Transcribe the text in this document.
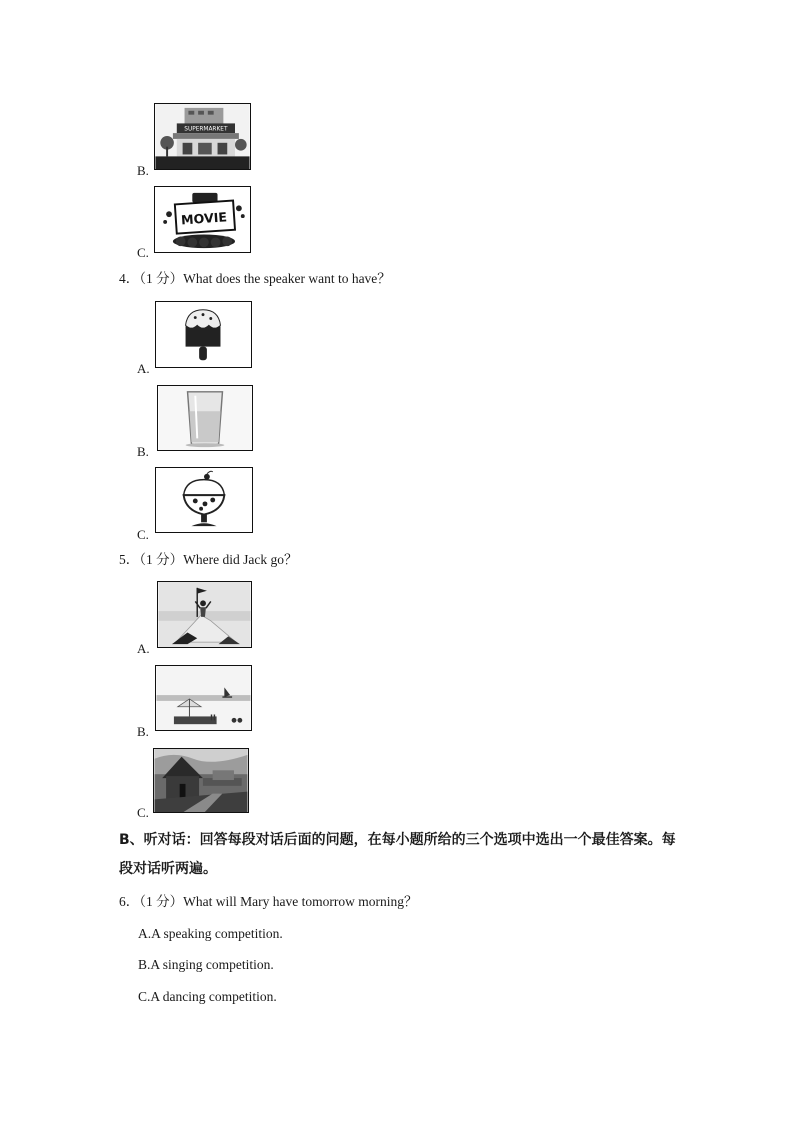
SUPERMARKET
B.
MOVIE
C.
4．（1 分）What does the speaker want to have？
A.
B.
C.
5．（1 分）Where did Jack go？
A.
B.
C.
B、听对话：回答每段对话后面的问题，在每小题所给的三个选项中选出一个最佳答案。每
段对话听两遍。
6．（1 分）What will Mary have tomorrow morning？
A.A speaking competition.
B.A singing competition.
C.A dancing competition.
